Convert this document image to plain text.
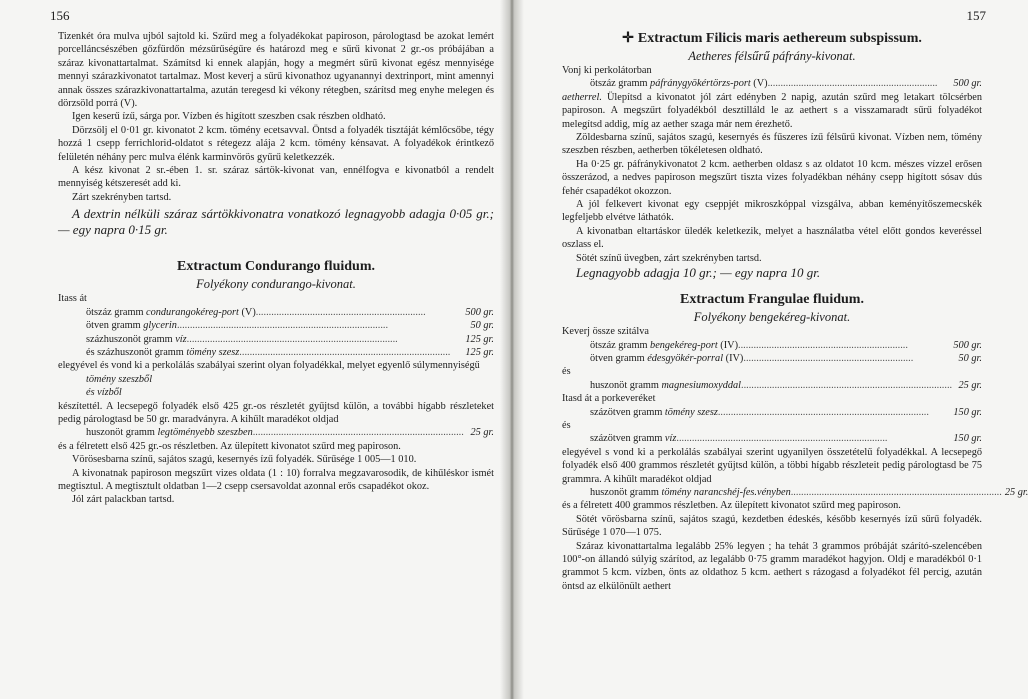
156

Tizenkét óra mulva ujból sajtold ki. Szűrd meg a folyadékokat papiroson, párologtasd be azokat lemért porcelláncsészében gőzfürdőn mézsűrűségűre és határozd meg e sűrű kivonat 2 gr.-os próbájában a száraz kivonattartalmat. Számítsd ki ennek alapján, hogy a megmért sűrű kivonat egész mennyisége mennyi szárazkivonatot tartalmaz. Most keverj a sűrű kivonathoz ugyanannyi dextrinport, mint amennyi annak összes szárazkivonattartalma, azután teregesd ki vékony rétegben, szárítsd meg enyhe melegen és dörzsöld porrá (V).

Igen keserű ízű, sárga por. Vízben és higított szeszben csak részben oldható.

Dörzsölj el 0·01 gr. kivonatot 2 kcm. tömény ecetsavval. Öntsd a folyadék tisztáját kémlőcsőbe, tégy hozzá 1 csepp ferrichlorid-oldatot s rétegezz alája 2 kcm. tömény kénsavat. A folyadékok érintkező felületén néhány perc mulva élénk karminvörös gyűrű keletkezzék.

A kész kivonat 2 sr.-ében 1. sr. száraz sártök-kivonat van, ennélfogva e kivonatból a rendelt mennyiség kétszeresét add ki.

Zárt szekrényben tartsd.

A dextrin nélküli száraz sártökkivonatra vonatkozó legnagyobb adagja 0·05 gr.; — egy napra 0·15 gr.

Extractum Condurango fluidum.
Folyékony condurango-kivonat.

Itass át

ötszáz gramm condurangokéreg-port (V) ..................................................................	500 gr.
ötven gramm glycerin ..................................................................................	50 gr.
százhuszonöt gramm víz ..................................................................................	125 gr.
és százhuszonöt gramm tömény szesz ..................................................................................	125 gr.

elegyével és vond ki a perkolálás szabályai szerint olyan folyadékkal, melyet egyenlő súlymennyiségű

tömény szeszből

és vízből

készítettél. A lecsepegő folyadék első 425 gr.-os részletét gyűjtsd külön, a további hígabb részleteket pedig párologtasd be 50 gr. maradványra. A kihűlt maradékot oldjad

huszonöt gramm legtöményebb szeszben .................................................................................. 25 gr.

és a félretett első 425 gr.-os részletben. Az ülepített kivonatot szűrd meg papiroson.

Vörösesbarna színű, sajátos szagú, kesernyés ízű folyadék. Sűrűsége 1 005—1 010.

A kivonatnak papiroson megszűrt vizes oldata (1 : 10) forralva megzavarosodik, de kihűléskor ismét megtisztul. A megtisztult oldatban 1—2 csepp csersavoldat azonnal erős csapadékot okoz.

Jól zárt palackban tartsd.

157
✛ Extractum Filicis maris aethereum subspissum.
Aetheres félsűrű páfrány-kivonat.

Vonj ki perkolátorban

ötszáz gramm páfránygyökértörzs-port (V) ..................................................................	500 gr.

aetherrel. Ülepítsd a kivonatot jól zárt edényben 2 napig, azután szűrd meg letakart tölcsérben papiroson. A megszűrt folyadékból desztilláld le az aethert s a visszamaradt sűrű folyadékot melegítsd addig, míg az aether szaga már nem érezhető.

Zöldesbarna színű, sajátos szagú, kesernyés és fűszeres ízű félsűrű kivonat. Vízben nem, tömény szeszben részben, aetherben tökéletesen oldható.

Ha 0·25 gr. páfránykivonatot 2 kcm. aetherben oldasz s az oldatot 10 kcm. mészes vízzel erősen összerázod, a nedves papiroson megszűrt tiszta vizes folyadékban néhány csepp higított sósav dús fehér csapadékot okozzon.

A jól felkevert kivonat egy cseppjét mikroszkóppal vizsgálva, abban keményítőszemecskék legfeljebb elvétve láthatók.

A kivonatban eltartáskor üledék keletkezik, melyet a használatba vétel előtt gondos keveréssel oszlass el.

Sötét színű üvegben, zárt szekrényben tartsd.

Legnagyobb adagja 10 gr.; — egy napra 10 gr.

Extractum Frangulae fluidum.
Folyékony bengekéreg-kivonat.

Keverj össze szitálva

ötszáz gramm bengekéreg-port (IV) ..................................................................	500 gr.
ötven gramm édesgyökér-porral (IV) ..................................................................	50 gr.

és

huszonöt gramm magnesiumoxyddal .................................................................................. 25 gr.

Itasd át a porkeveréket

százötven gramm tömény szesz ..................................................................................	150 gr.

és

százötven gramm víz ..................................................................................	150 gr.

elegyével s vond ki a perkolálás szabályai szerint ugyanilyen összetételű folyadékkal. A lecsepegő folyadék első 400 grammos részletét gyűjtsd külön, a többi hígabb részleteit pedig párologtasd be 75 grammra. A kihűlt maradékot oldjad

huszonöt gramm tömény narancshéj-fes.vényben .................................................................................. 25 gr.

és a félretett 400 grammos részletben. Az ülepített kivonatot szűrd meg papiroson.

Sötét vörösbarna színű, sajátos szagú, kezdetben édeskés, később kesernyés ízű sűrű folyadék. Sűrűsége 1 070—1 075.

Száraz kivonattartalma legalább 25% legyen ; ha tehát 3 grammos próbáját szárító-szelencében 100°-on állandó súlyig szárítod, az legalább 0·75 gramm maradékot hagyjon. Oldj e maradékból 0·1 grammot 5 kcm. vízben, önts az oldathoz 5 kcm. aethert s rázogasd a folyadékot fél percig, azután öntsd az elkülönült aethert
